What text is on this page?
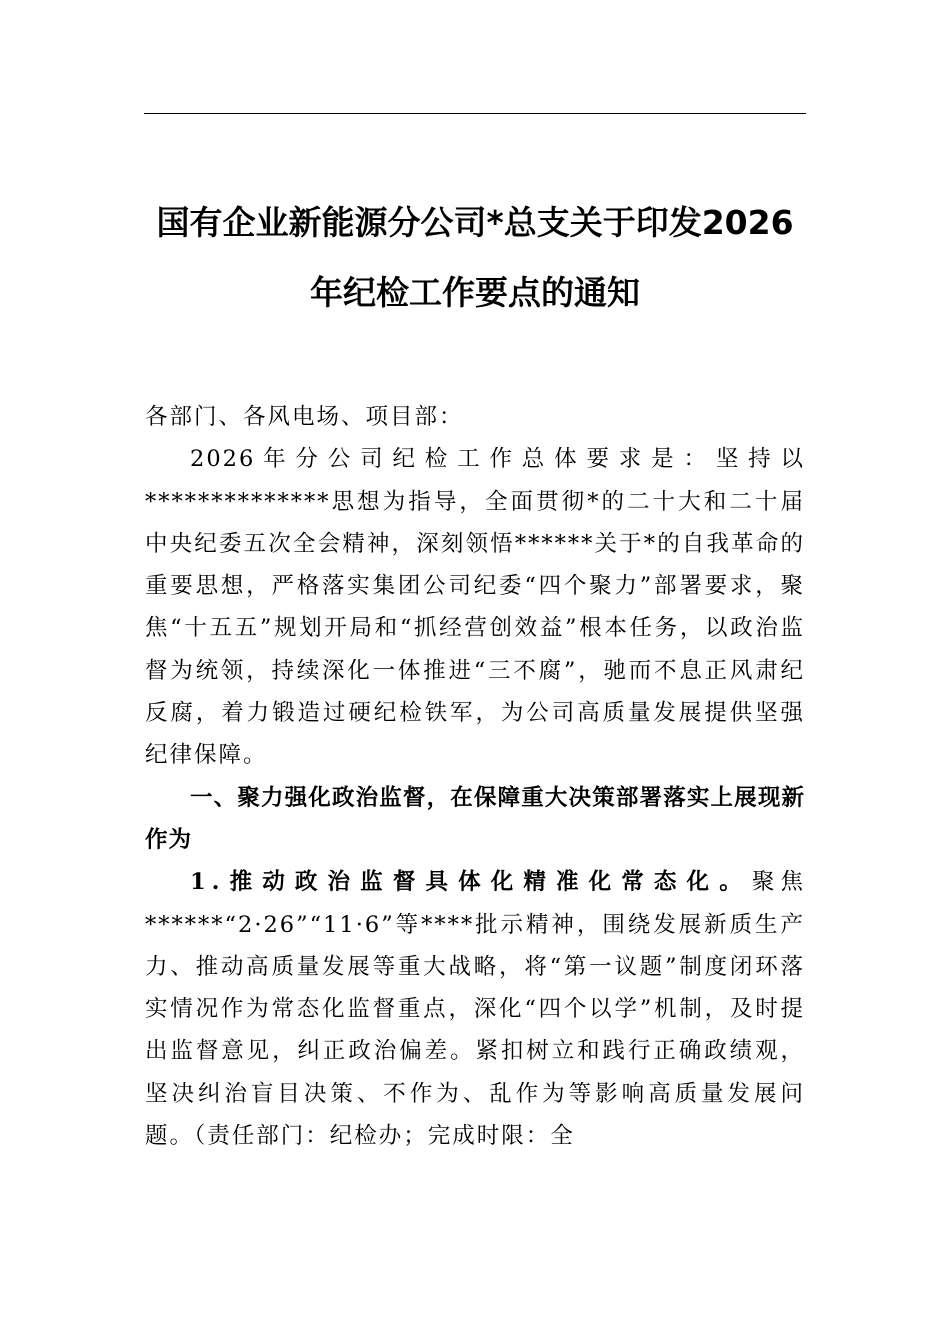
国有企业新能源分公司*总支关于印发2026
年纪检工作要点的通知

各部门、各风电场、项目部：

2026年分公司纪检工作总体要求是：坚持以**************思想为指导，全面贯彻*的二十大和二十届中央纪委五次全会精神，深刻领悟******关于*的自我革命的重要思想，严格落实集团公司纪委“四个聚力”部署要求，聚焦“十五五”规划开局和“抓经营创效益”根本任务，以政治监督为统领，持续深化一体推进“三不腐”，驰而不息正风肃纪反腐，着力锻造过硬纪检铁军，为公司高质量发展提供坚强纪律保障。

一、聚力强化政治监督，在保障重大决策部署落实上展现新作为

1.推动政治监督具体化精准化常态化。聚焦******“2·26”“11·6”等****批示精神，围绕发展新质生产力、推动高质量发展等重大战略，将“第一议题”制度闭环落实情况作为常态化监督重点，深化“四个以学”机制，及时提出监督意见，纠正政治偏差。紧扣树立和践行正确政绩观，坚决纠治盲目决策、不作为、乱作为等影响高质量发展问题。（责任部门：纪检办；完成时限：全
